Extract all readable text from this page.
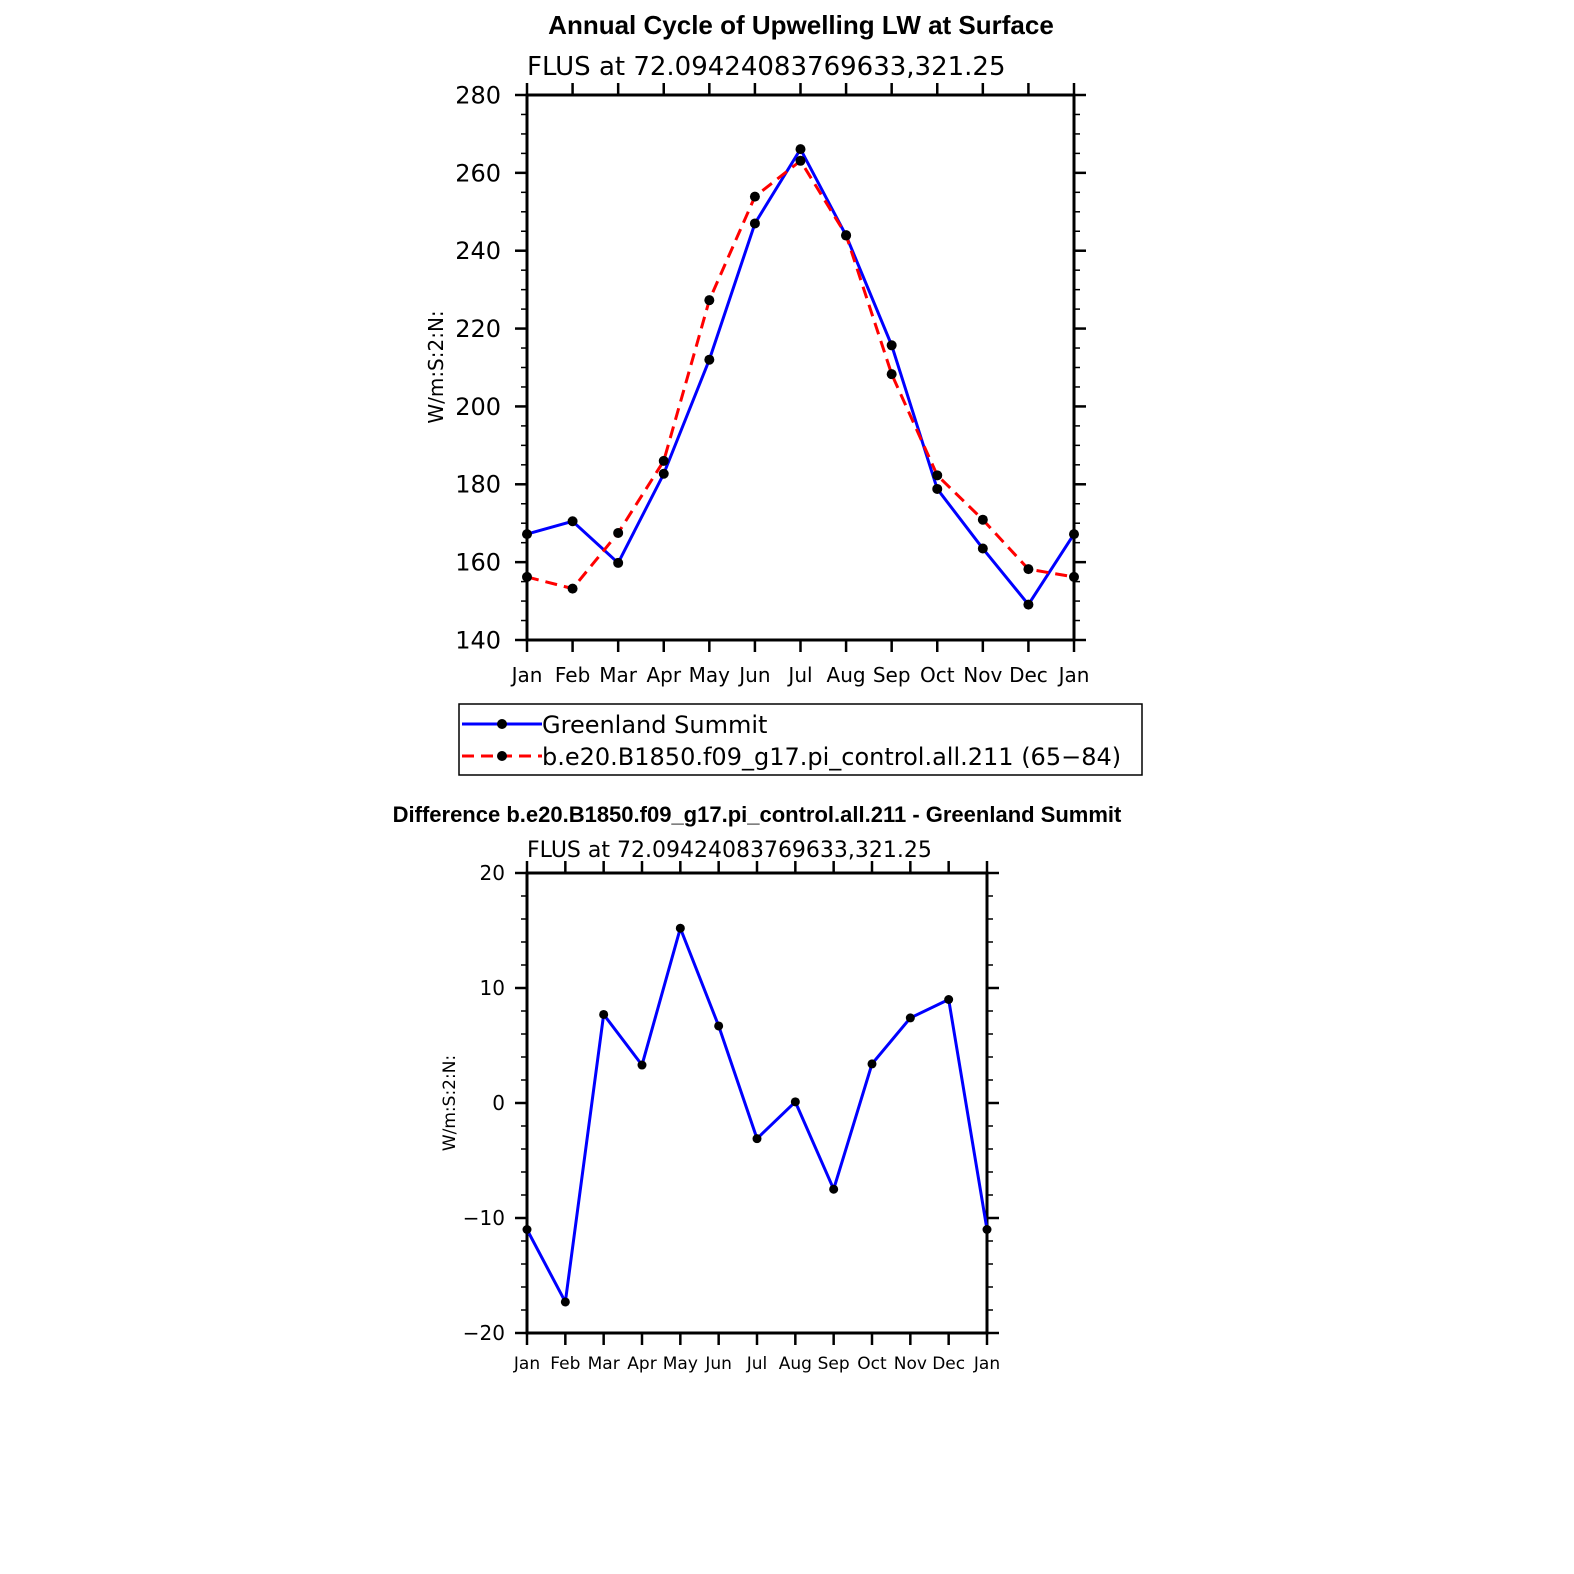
Annual Cycle of Upwelling LW at Surface
FLUS at 72.09424083769633,321.25
W/m:S:2:N:
Jan Feb Mar Apr May Jun Jul Aug Sep Oct Nov Dec Jan
140
160
180
200
220
240
260
280
Greenland Summit
b.e20.B1850.f09_g17.pi_control.all.211 (65−84)
Difference b.e20.B1850.f09_g17.pi_control.all.211 - Greenland Summit
FLUS at 72.09424083769633,321.25
W/m:S:2:N:
Jan Feb Mar Apr May Jun Jul Aug Sep Oct Nov Dec Jan
−20
−10
0
10
20
